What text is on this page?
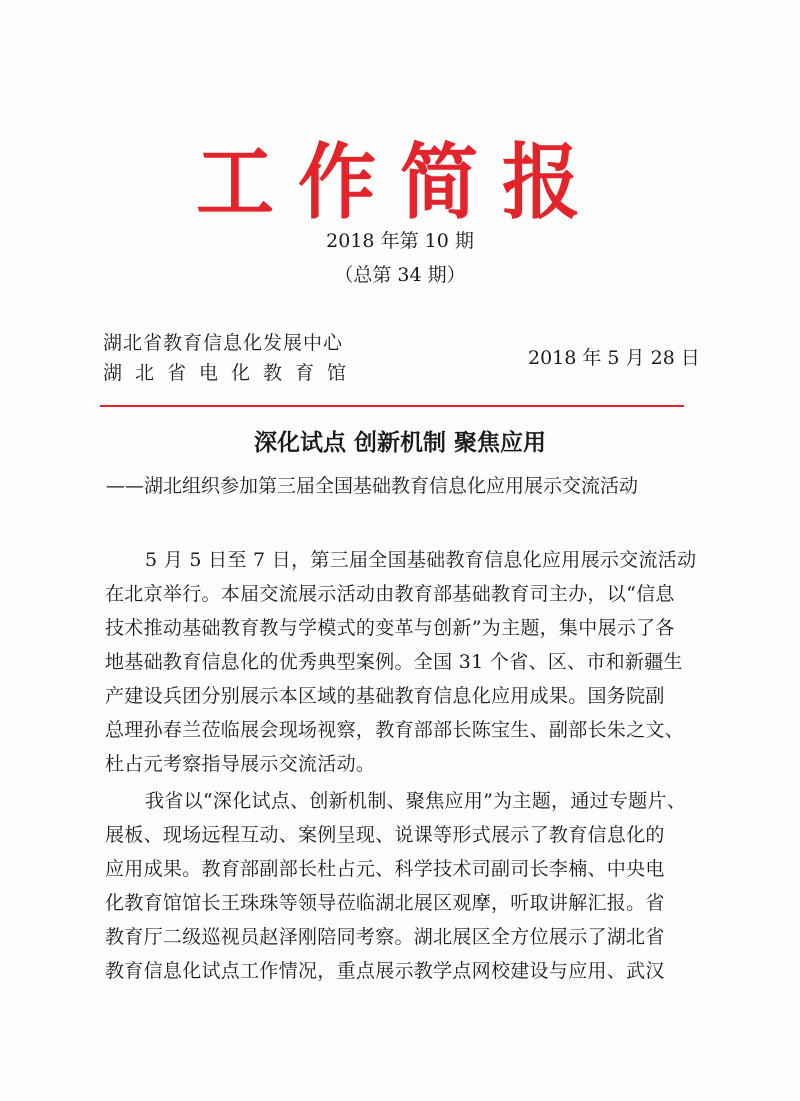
工作简报
2018 年第 10 期
（总第 34 期）
湖北省教育信息化发展中心
湖北省电化教育馆
2018 年 5 月 28 日
深化试点 创新机制 聚焦应用
——湖北组织参加第三届全国基础教育信息化应用展示交流活动
5 月 5 日至 7 日，第三届全国基础教育信息化应用展示交流活动
在北京举行。本届交流展示活动由教育部基础教育司主办，以“信息
技术推动基础教育教与学模式的变革与创新”为主题，集中展示了各
地基础教育信息化的优秀典型案例。全国 31 个省、区、市和新疆生
产建设兵团分别展示本区域的基础教育信息化应用成果。国务院副
总理孙春兰莅临展会现场视察，教育部部长陈宝生、副部长朱之文、
杜占元考察指导展示交流活动。
我省以“深化试点、创新机制、聚焦应用”为主题，通过专题片、
展板、现场远程互动、案例呈现、说课等形式展示了教育信息化的
应用成果。教育部副部长杜占元、科学技术司副司长李楠、中央电
化教育馆馆长王珠珠等领导莅临湖北展区观摩，听取讲解汇报。省
教育厅二级巡视员赵泽刚陪同考察。湖北展区全方位展示了湖北省
教育信息化试点工作情况，重点展示教学点网校建设与应用、武汉
